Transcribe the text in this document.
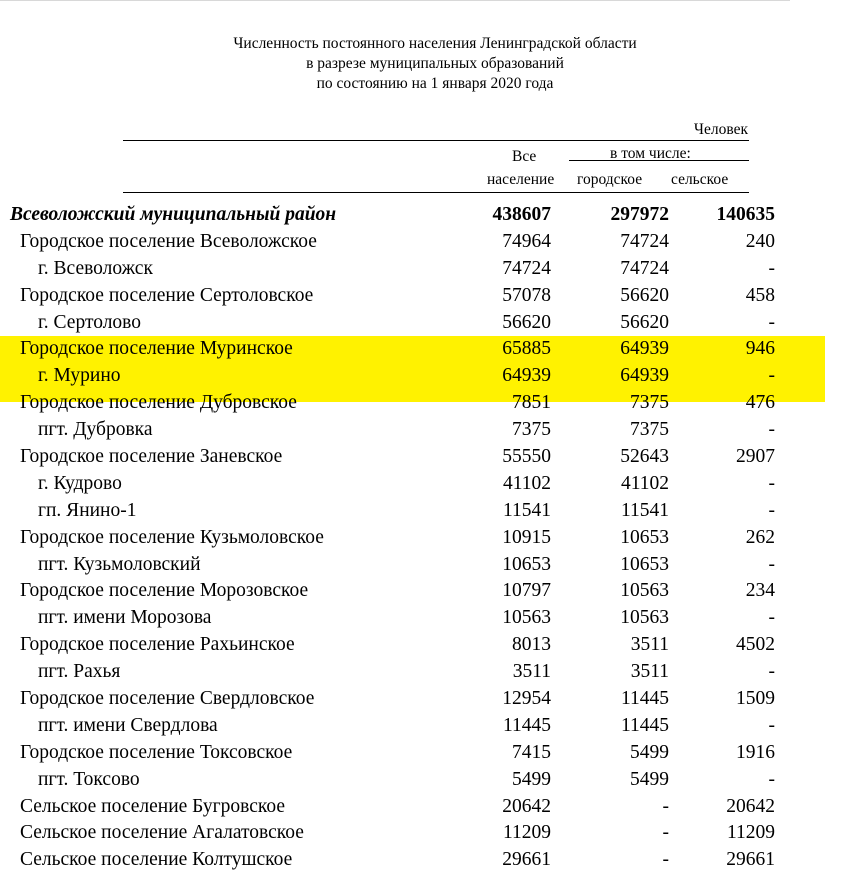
Численность постоянного населения Ленинградской области
в разрезе муниципальных образований
по состоянию на 1 января 2020 года
Человек
Все
население
в том числе:
городское сельское
Всеволожский муниципальный район	438607	297972 140635
Городское поселение Всеволожское	74964	74724	240
г. Всеволожск	74724	74724	-
Городское поселение Сертоловское	57078	56620	458
г. Сертолово	56620	56620	-
Городское поселение Муринское	65885	64939	946
г. Мурино	64939	64939	-
Городское поселение Дубровское	7851	7375	476
пгт. Дубровка	7375	7375	-
Городское поселение Заневское	55550	52643	2907
г. Кудрово	41102	41102	-
гп. Янино-1	11541	11541	-
Городское поселение Кузьмоловское	10915	10653	262
пгт. Кузьмоловский	10653	10653	-
Городское поселение Морозовское	10797	10563	234
пгт. имени Морозова	10563	10563	-
Городское поселение Рахьинское	8013	3511	4502
пгт. Рахья	3511	3511	-
Городское поселение Свердловское	12954	11445	1509
пгт. имени Свердлова	11445	11445	-
Городское поселение Токсовское	7415	5499	1916
пгт. Токсово	5499	5499	-
Сельское поселение Бугровское	20642	-	20642
Сельское поселение Агалатовское	11209	-	11209
Сельское поселение Колтушское	29661	-	29661
